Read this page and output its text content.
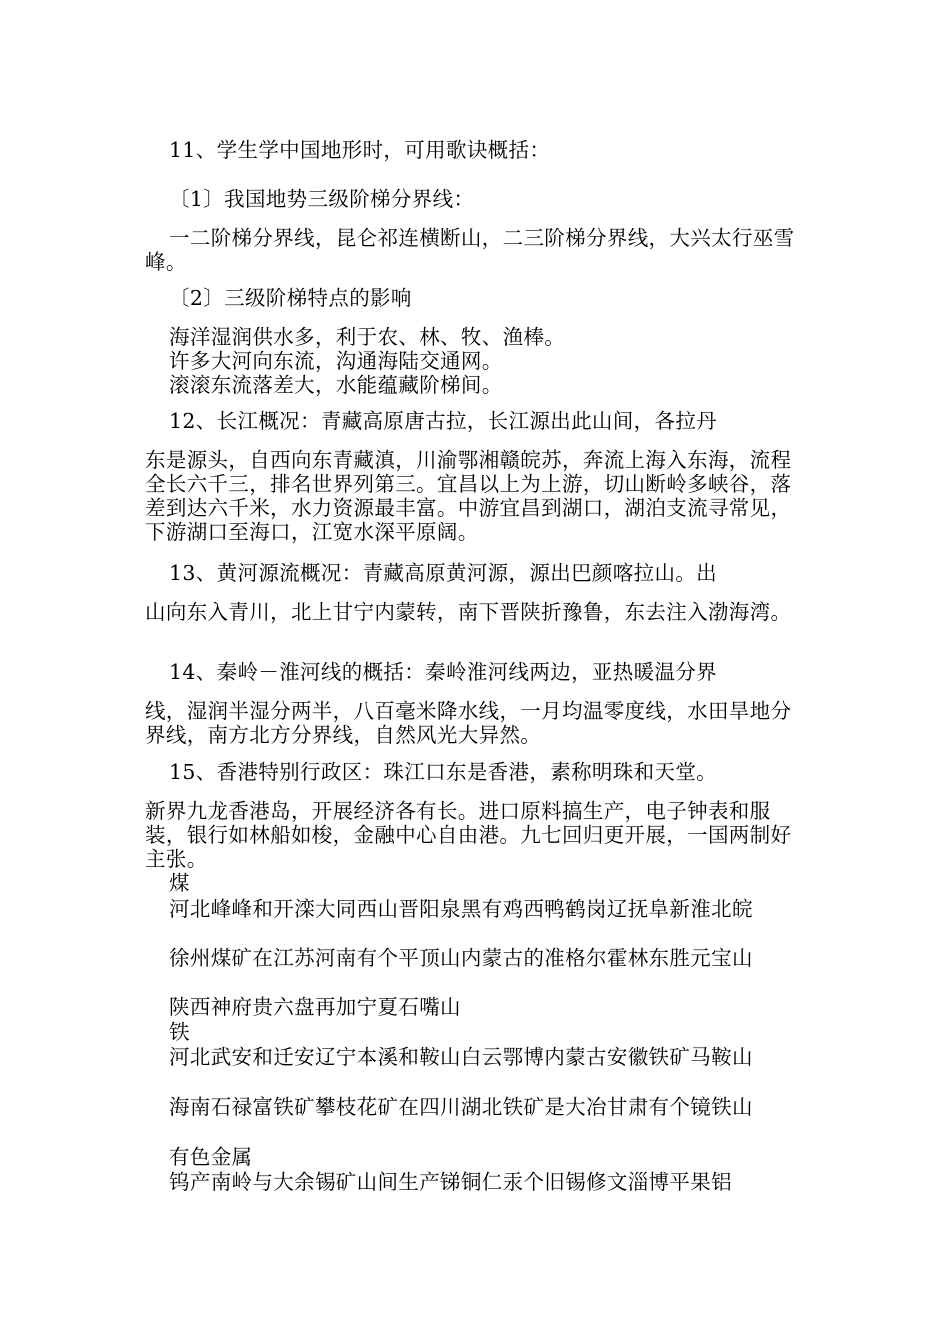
11、学生学中国地形时，可用歌诀概括：

〔1〕我国地势三级阶梯分界线：

一二阶梯分界线，昆仑祁连横断山，二三阶梯分界线，大兴太行巫雪峰。

〔2〕三级阶梯特点的影响

海洋湿润供水多，利于农、林、牧、渔棒。
许多大河向东流，沟通海陆交通网。
滚滚东流落差大，水能蕴藏阶梯间。

12、长江概况：青藏高原唐古拉，长江源出此山间，各拉丹

东是源头，自西向东青藏滇，川渝鄂湘赣皖苏，奔流上海入东海，流程全长六千三，排名世界列第三。宜昌以上为上游，切山断岭多峡谷，落差到达六千米，水力资源最丰富。中游宜昌到湖口，湖泊支流寻常见，下游湖口至海口，江宽水深平原阔。

13、黄河源流概况：青藏高原黄河源，源出巴颜喀拉山。出

山向东入青川，北上甘宁内蒙转，南下晋陕折豫鲁，东去注入渤海湾。

14、秦岭－淮河线的概括：秦岭淮河线两边，亚热暖温分界

线，湿润半湿分两半，八百毫米降水线，一月均温零度线，水田旱地分界线，南方北方分界线，自然风光大异然。

15、香港特别行政区：珠江口东是香港，素称明珠和天堂。

新界九龙香港岛，开展经济各有长。进口原料搞生产，电子钟表和服装，银行如林船如梭，金融中心自由港。九七回归更开展，一国两制好主张。

煤

河北峰峰和开滦大同西山晋阳泉黑有鸡西鸭鹤岗辽抚阜新淮北皖

徐州煤矿在江苏河南有个平顶山内蒙古的准格尔霍林东胜元宝山

陕西神府贵六盘再加宁夏石嘴山

铁

河北武安和迁安辽宁本溪和鞍山白云鄂博内蒙古安徽铁矿马鞍山

海南石禄富铁矿攀枝花矿在四川湖北铁矿是大冶甘肃有个镜铁山

有色金属

钨产南岭与大余锡矿山间生产锑铜仁汞个旧锡修文淄博平果铝
